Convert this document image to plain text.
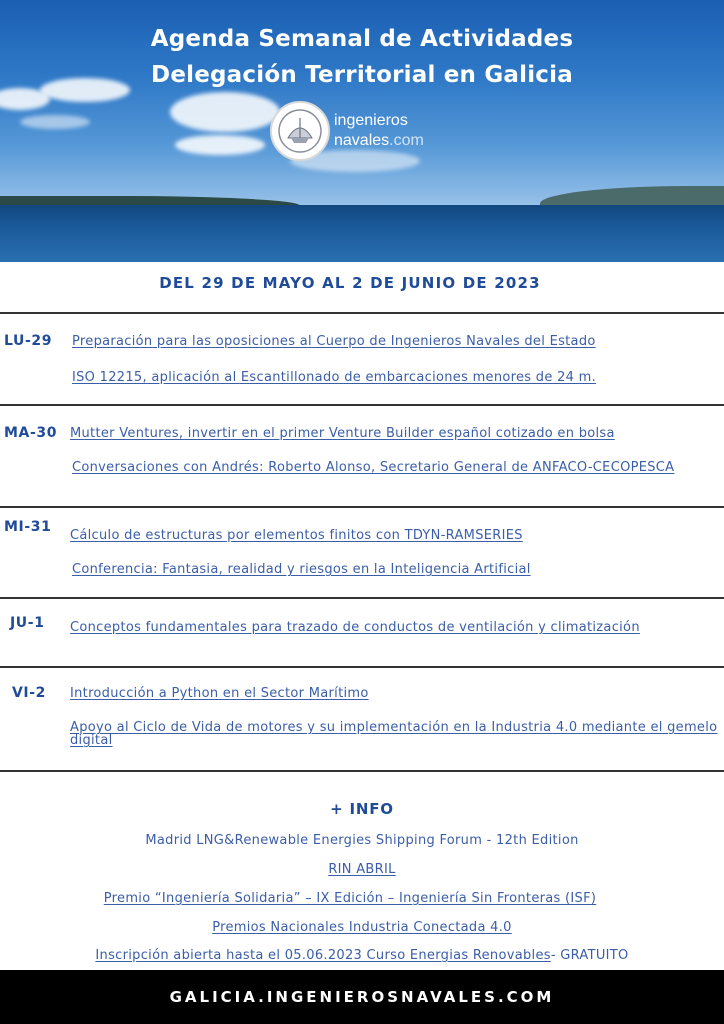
Agenda Semanal de Actividades
Delegación Territorial en Galicia
ingenieros
navales.com
DEL 29 DE MAYO AL 2 DE JUNIO DE 2023
LU-29 Preparación para las oposiciones al Cuerpo de Ingenieros Navales del Estado
ISO 12215, aplicación al Escantillonado de embarcaciones menores de 24 m.
MA-30 Mutter Ventures, invertir en el primer Venture Builder español cotizado en bolsa
Conversaciones con Andrés: Roberto Alonso, Secretario General de ANFACO-CECOPESCA
MI-31
Cálculo de estructuras por elementos finitos con TDYN-RAMSERIES
Conferencia: Fantasia, realidad y riesgos en la Inteligencia Artificial
JU-1 Conceptos fundamentales para trazado de conductos de ventilación y climatización
VI-2 Introducción a Python en el Sector Marítimo
Apoyo al Ciclo de Vida de motores y su implementación en la Industria 4.0 mediante el gemelo digital
+ INFO
Madrid LNG&Renewable Energies Shipping Forum - 12th Edition
RIN ABRIL
Premio “Ingeniería Solidaria” – IX Edición – Ingeniería Sin Fronteras (ISF)
Premios Nacionales Industria Conectada 4.0
Inscripción abierta hasta el 05.06.2023 Curso Energias Renovables- GRATUITO
GALICIA.INGENIEROSNAVALES.COM
